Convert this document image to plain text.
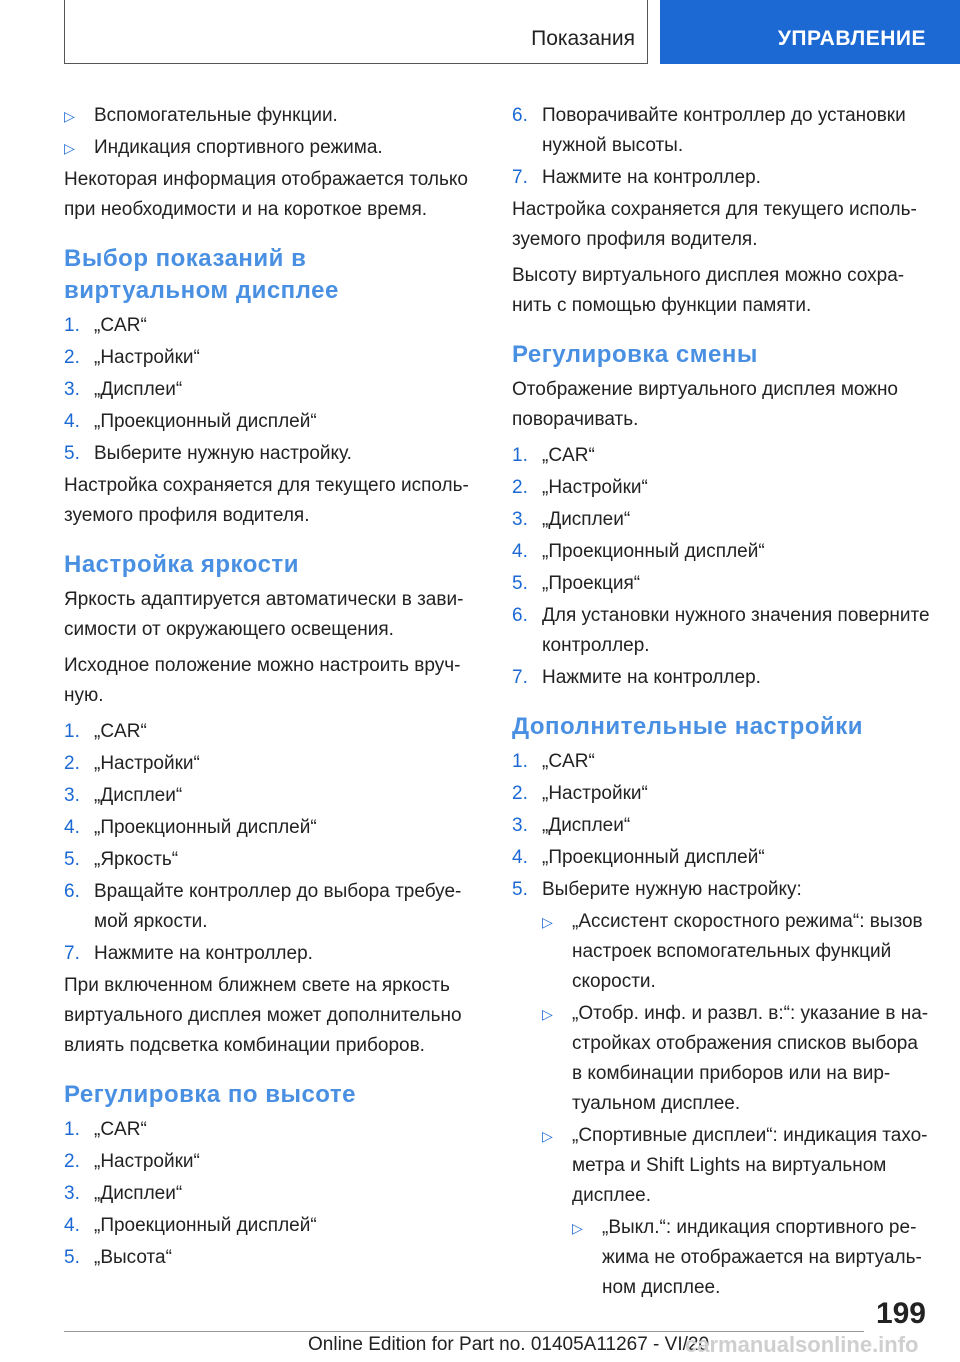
Показания	УПРАВЛЕНИЕ
▷	Вспомогательные функции.
▷	Индикация спортивного режима.

Некоторая информация отображается только при необходимости и на короткое время.

Выбор показаний в виртуальном дисплее
1. „CAR“
2. „Настройки“
3. „Дисплеи“
4. „Проекционный дисплей“
5. Выберите нужную настройку.

Настройка сохраняется для текущего используемого профиля водителя.

Настройка яркости

Яркость адаптируется автоматически в зависимости от окружающего освещения.

Исходное положение можно настроить вручную.

1. „CAR“
2. „Настройки“
3. „Дисплеи“
4. „Проекционный дисплей“
5. „Яркость“
6. Вращайте контроллер до выбора требуемой яркости.
7. Нажмите на контроллер.

При включенном ближнем свете на яркость виртуального дисплея может дополнительно влиять подсветка комбинации приборов.

Регулировка по высоте
1. „CAR“
2. „Настройки“
3. „Дисплеи“
4. „Проекционный дисплей“
5. „Высота“
6. Поворачивайте контроллер до установки нужной высоты.
7. Нажмите на контроллер.

Настройка сохраняется для текущего используемого профиля водителя.

Высоту виртуального дисплея можно сохранить с помощью функции памяти.

Регулировка смены

Отображение виртуального дисплея можно поворачивать.

1. „CAR“
2. „Настройки“
3. „Дисплеи“
4. „Проекционный дисплей“
5. „Проекция“
6. Для установки нужного значения поверните контроллер.
7. Нажмите на контроллер.
Дополнительные настройки
1. „CAR“
2. „Настройки“
3. „Дисплеи“
4. „Проекционный дисплей“
5. Выберите нужную настройку:
▷	„Ассистент скоростного режима“: вызов настроек вспомогательных функций скорости.
▷	„Отобр. инф. и развл. в:“: указание в настройках отображения списков выбора в комбинации приборов или на виртуальном дисплее.
▷	„Спортивные дисплеи“: индикация тахометра и Shift Lights на виртуальном дисплее.
▷	„Выкл.“: индикация спортивного режима не отображается на виртуальном дисплее.
199
Online Edition for Part no. 01405A11267 - VI/20
carmanualsonline.info
